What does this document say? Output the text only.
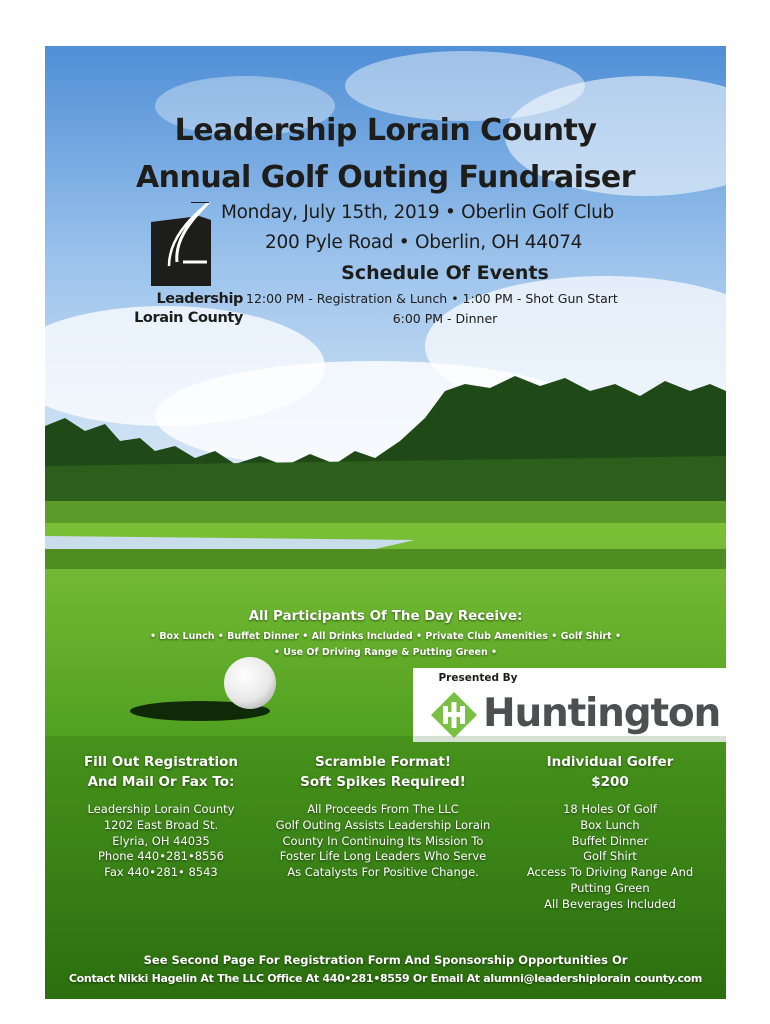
Leadership
Lorain County
Leadership Lorain County
Annual Golf Outing Fundraiser
Monday, July 15th, 2019 • Oberlin Golf Club
200 Pyle Road • Oberlin, OH 44074
Schedule Of Events
12:00 PM - Registration & Lunch • 1:00 PM - Shot Gun Start
6:00 PM - Dinner
All Participants Of The Day Receive:
• Box Lunch • Buffet Dinner • All Drinks Included • Private Club Amenities • Golf Shirt •
• Use Of Driving Range & Putting Green •
Presented By
Huntington
Fill Out Registration
And Mail Or Fax To:
Leadership Lorain County
1202 East Broad St.
Elyria, OH 44035
Phone 440•281•8556
Fax 440•281• 8543
Scramble Format!
Soft Spikes Required!
All Proceeds From The LLC
Golf Outing Assists Leadership Lorain
County In Continuing Its Mission To
Foster Life Long Leaders Who Serve
As Catalysts For Positive Change.
Individual Golfer
$200
18 Holes Of Golf
Box Lunch
Buffet Dinner
Golf Shirt
Access To Driving Range And
Putting Green
All Beverages Included
See Second Page For Registration Form And Sponsorship Opportunities Or
Contact Nikki Hagelin At The LLC Office At 440•281•8559 Or Email At alumni@leadershiplorain county.com
